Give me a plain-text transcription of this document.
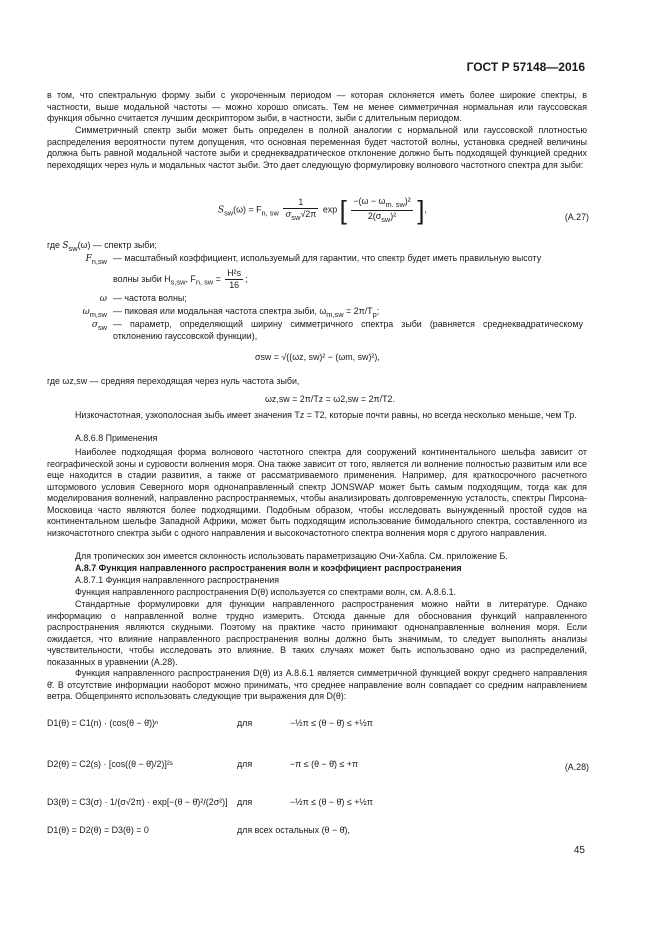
ГОСТ Р 57148—2016

в том, что спектральную форму зыби с укороченным периодом — которая склоняется иметь более широкие спектры, в частности, выше модальной частоты — можно хорошо описать. Тем не менее симметричная нормальная или гауссовская функция обычно считается лучшим дескриптором зыби, в частности, зыби с длительным периодом.

Симметричный спектр зыби может быть определен в полной аналогии с нормальной или гауссовской плотностью распределения вероятности путем допущения, что основная переменная будет частотой волны, установка средней величины должна быть равной модальной частоте зыби и среднеквадратическое отклонение должно быть подходящей функцией средних переходящих через нуль и модальных частот зыби. Это дает следующую формулировку волнового частотного спектра для зыби:

$S_{sw}(\omega) = F_{n, sw} \frac{1}{\sigma_{sw}√2\pi}$ exp [ $\frac{-(\omega - \omega_{m. sw})^2}{2(\sigma_{sw})^2}$ ],
(A.27)
где $S_{sw}(\omega)$ — спектр зыби;
$F_{n,sw}$ — масштабный коэффициент, используемый для гарантии, что спектр будет иметь правильную высоту
волны зыби $H_{s,sw}$, $F_{n, sw} = \frac{\text{H²s}}{16}$ ;
ω — частота волны;
$\omega_{m,sw}$ — пиковая или модальная частота спектра зыби, $\omega_{m,sw} = 2\pi/T_p$;
$\sigma_{sw}$ — параметр, определяющий ширину симметричного спектра зыби (равняется среднеквадратическому отклонению гауссовской функции),
σsw = √((ωz, sw)² − (ωm, sw)²),
где ωz,sw — средняя переходящая через нуль частота зыби,
ωz,sw = 2π/Tz = ω2,sw = 2π/T2.

Низкочастотная, узкополосная зыбь имеет значения Tz = T2, которые почти равны, но всегда несколько меньше, чем Tp.

А.8.6.8 Применения

Наиболее подходящая форма волнового частотного спектра для сооружений континентального шельфа зависит от географической зоны и суровости волнения моря. Она также зависит от того, является ли волнение полностью развитым или все еще находится в стадии развития, а также от рассматриваемого применения. Например, для краткосрочного расчетного штормового условия Северного моря однонаправленный спектр JONSWAP может быть самым подходящим, тогда как для моделирования волнений, направленно распространяемых, чтобы анализировать долговременную усталость, спектры Пирсона-Московица часто являются более подходящими. Подобным образом, чтобы исследовать вынужденный простой судов на континентальном шельфе Западной Африки, может быть подходящим использование бимодального спектра, составленного из низкочастотного спектра зыби с одного направления и высокочастотного спектра волнения моря с другого направления.

Для тропических зон имеется склонность использовать параметризацию Очи-Хабла. См. приложение Б.

А.8.7 Функция направленного распространения волн и коэффициент распространения
А.8.7.1 Функция направленного распространения

Функция направленного распространения D(θ) используется со спектрами волн, см. А.8.6.1.

Стандартные формулировки для функции направленного распространения можно найти в литературе. Однако информацию о направленной волне трудно измерить. Отсюда данные для обоснования функций направленного распространения являются скудными. Поэтому на практике часто принимают однонаправленные волнения моря. Если ожидается, что влияние направленного распространения волны должно быть значимым, то следует выполнять анализы чувствительности, чтобы исследовать это влияние. В таких случаях может быть использовано одно из распределений, показанных в уравнении (А.28).

Функция направленного распространения D(θ) из А.8.6.1 является симметричной функцией вокруг среднего направления θ̄. В отсутствие информации наоборот можно принимать, что среднее направление волн совпадает со средним направлением ветра. Общепринято использовать следующие три выражения для D(θ):

D1(θ) = C1(n) · (cos(θ − θ̄))ⁿ	для	−½π ≤ (θ − θ̄) ≤ +½π
D2(θ) = C2(s) · [cos((θ − θ̄)/2)]²ˢ	для	−π ≤ (θ − θ̄) ≤ +π	(A.28)
D3(θ) = C3(σ) · 1/(σ√2π) · exp[−(θ − θ̄)²/(2σ²)] для	−½π ≤ (θ − θ̄) ≤ +½π
D1(θ) = D2(θ) = D3(θ) = 0	для всех остальных (θ − θ̄),
45
